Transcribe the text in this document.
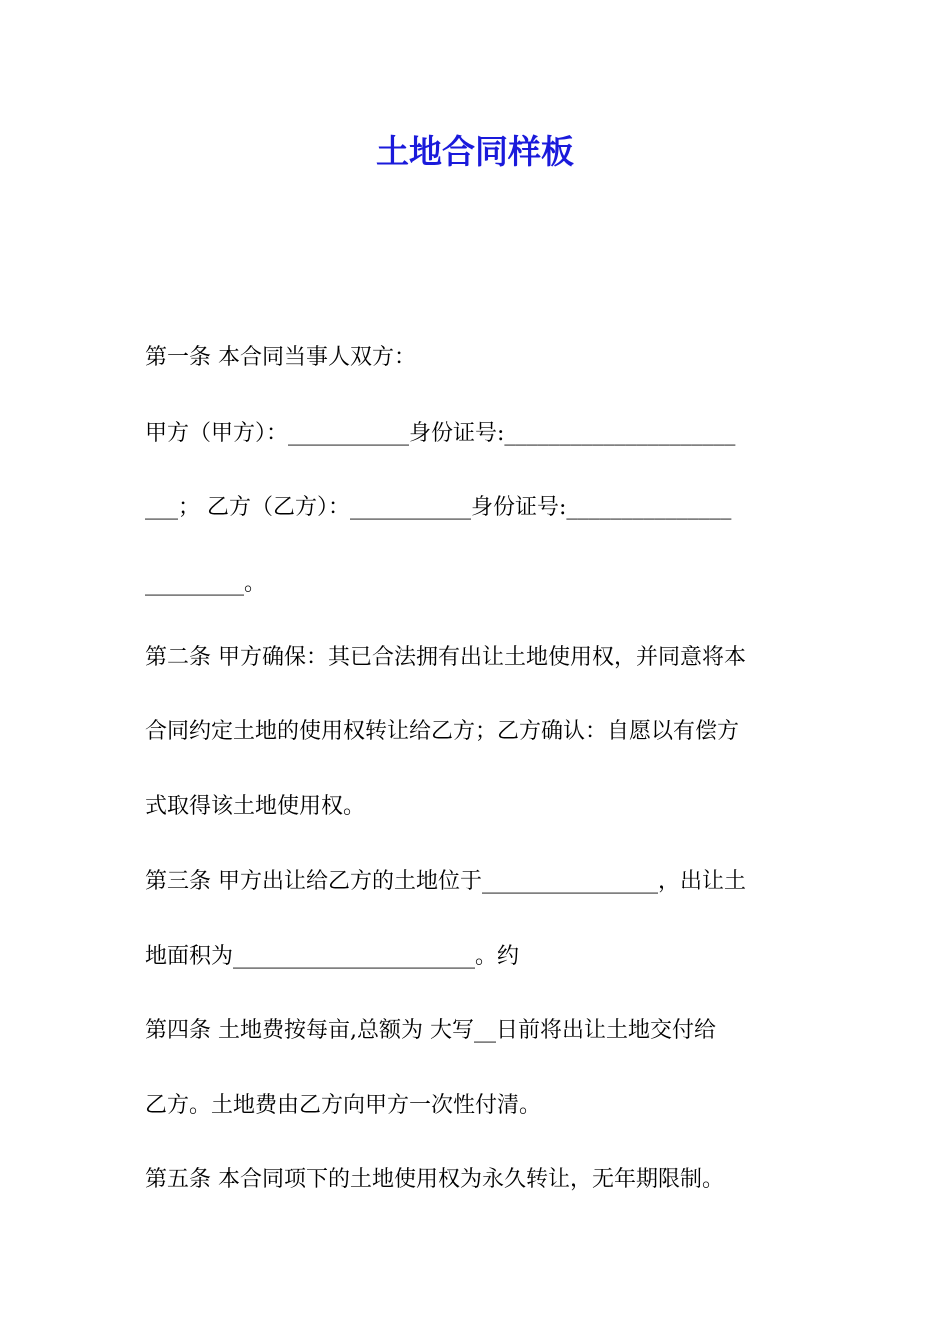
土地合同样板

第一条 本合同当事人双方：

甲方（甲方）：___________身份证号:_____________________

___； 乙方（乙方）：___________身份证号:_______________

_________。

第二条 甲方确保：其已合法拥有出让土地使用权，并同意将本

合同约定土地的使用权转让给乙方；乙方确认：自愿以有偿方

式取得该土地使用权。

第三条 甲方出让给乙方的土地位于________________，出让土

地面积为______________________。约

第四条 土地费按每亩,总额为 大写__日前将出让土地交付给

乙方。土地费由乙方向甲方一次性付清。

第五条 本合同项下的土地使用权为永久转让，无年期限制。
